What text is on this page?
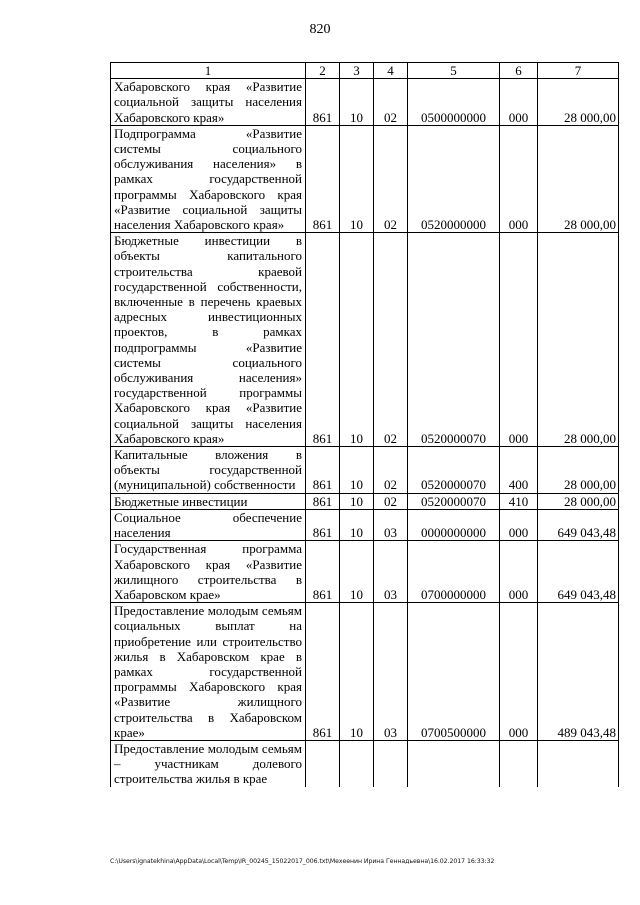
820
1	2	3	4	5	6	7
Хабаровского края «Развитие социальной защиты населения Хабаровского края»	861	10	02	0500000000	000	28 000,00
Подпрограмма «Развитие системы социального обслуживания населения» в рамках государственной программы Хабаровского края «Развитие социальной защиты населения Хабаровского края»	861	10	02	0520000000	000	28 000,00
Бюджетные инвестиции в объекты капитального строительства краевой государственной собственности, включенные в перечень краевых адресных инвестиционных проектов, в рамках подпрограммы «Развитие системы социального обслуживания населения» государственной программы Хабаровского края «Развитие социальной защиты населения Хабаровского края»	861	10	02	0520000070	000	28 000,00
Капитальные вложения в объекты государственной (муниципальной) собственности	861	10	02	0520000070	400	28 000,00
Бюджетные инвестиции	861	10	02	0520000070	410	28 000,00
Социальное обеспечение населения	861	10	03	0000000000	000	649 043,48
Государственная программа Хабаровского края «Развитие жилищного строительства в Хабаровском крае»	861	10	03	0700000000	000	649 043,48
Предоставление молодым семьям социальных выплат на приобретение или строительство жилья в Хабаровском крае в рамках государственной программы Хабаровского края «Развитие жилищного строительства в Хабаровском крае»	861	10	03	0700500000	000	489 043,48
Предоставление молодым семьям – участникам долевого строительства жилья в крае						
C:\Users\ignatekhina\AppData\Local\Temp\IR_00245_15022017_006.txt\Мехеенин Ирина Геннадьевна\16.02.2017 16:33:32
